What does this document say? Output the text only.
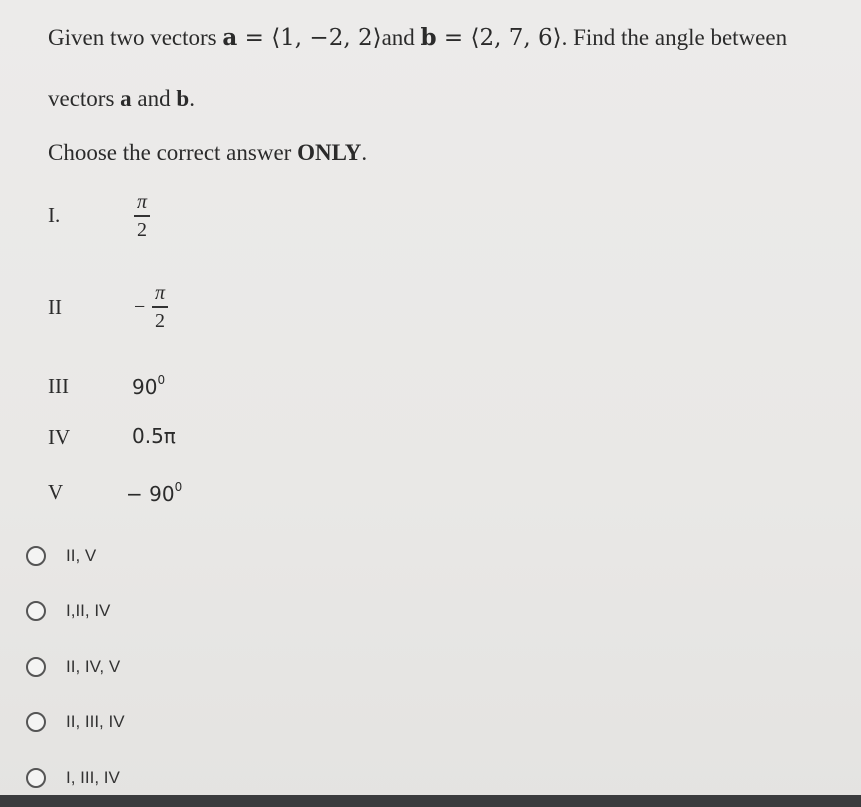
Given two vectors a = ⟨1, −2, 2⟩and b = ⟨2, 7, 6⟩. Find the angle between
vectors a and b.
Choose the correct answer ONLY.
I.
π
2
II	−
π
2
III	$90^0$
IV	0.5π
V	− $90^0$
II, V
I,II, IV
II, IV, V
II, III, IV
I, III, IV
